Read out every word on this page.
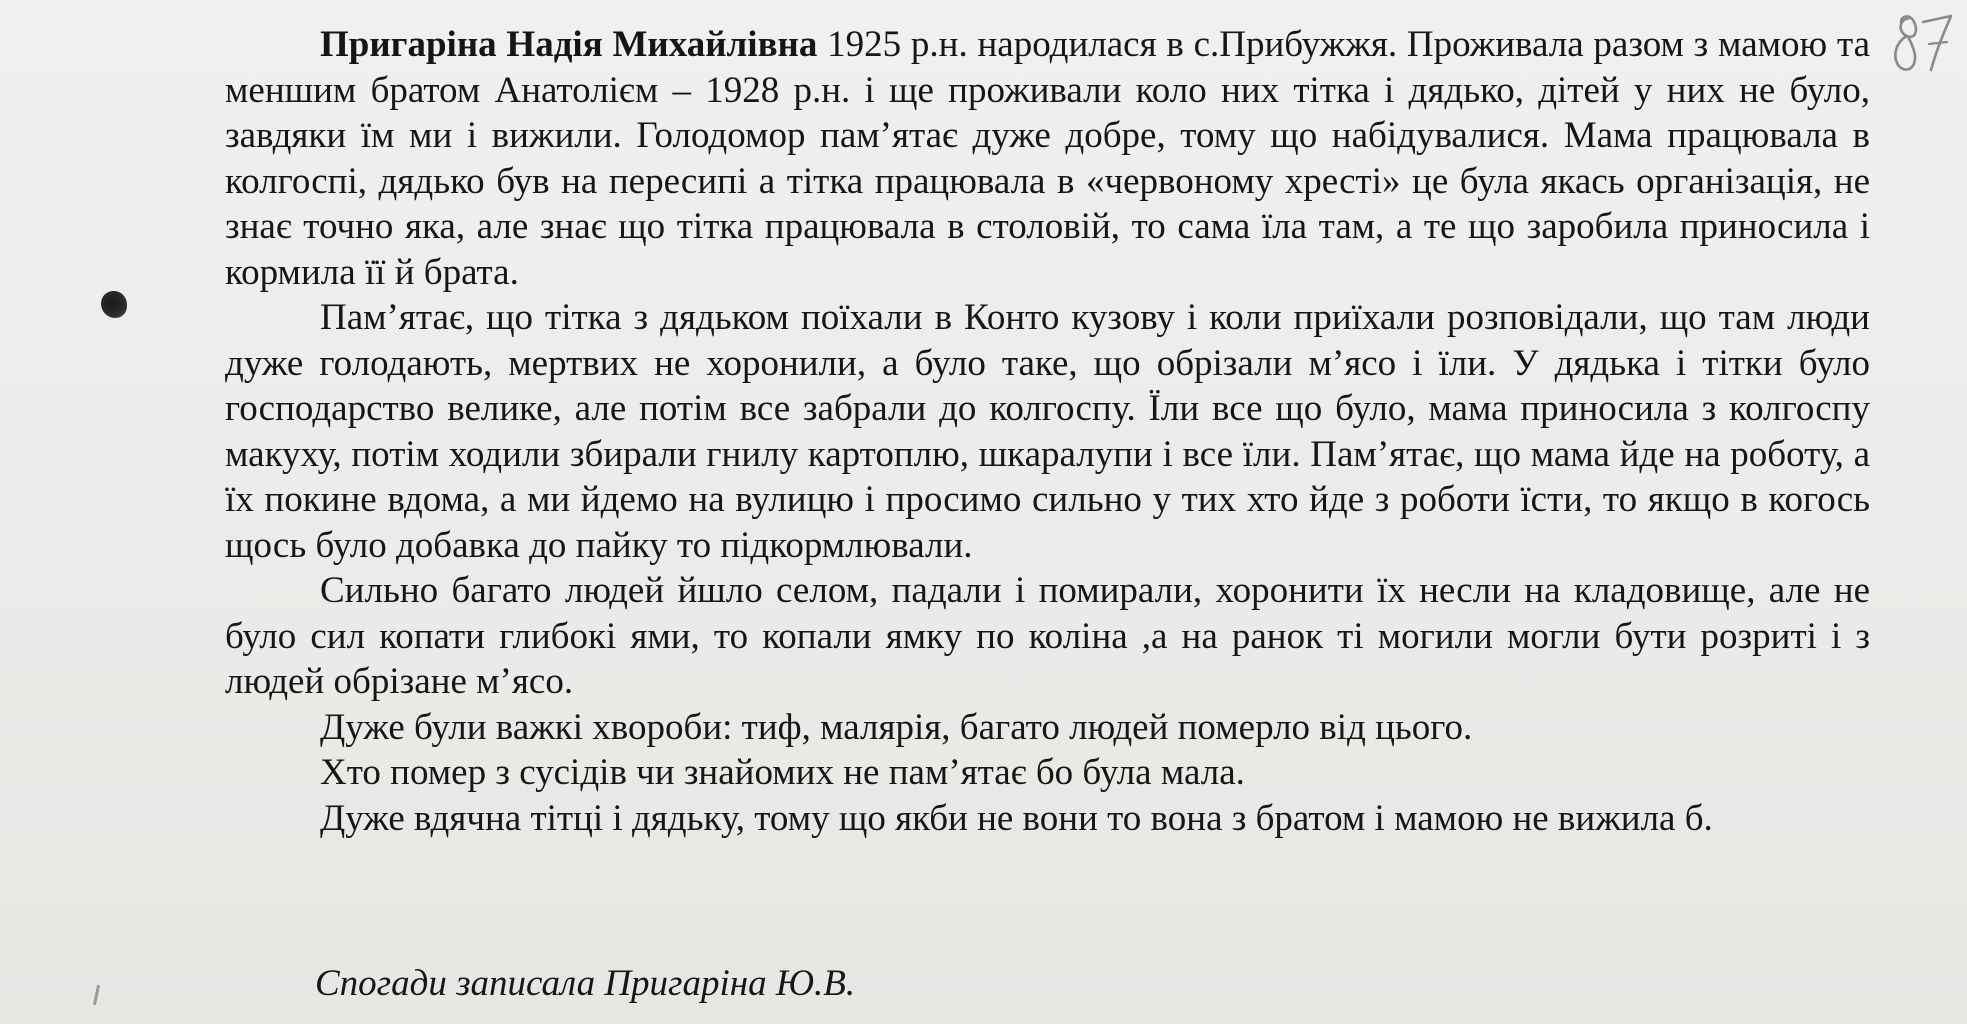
Пригаріна Надія Михайлівна 1925 р.н. народилася в с.Прибужжя. Проживала разом з мамою та меншим братом Анатолієм – 1928 р.н. і ще проживали коло них тітка і дядько, дітей у них не було, завдяки їм ми і вижили. Голодомор пам’ятає дуже добре, тому що набідувалися. Мама працювала в колгоспі, дядько був на пересипі а тітка працювала в «червоному хресті» це була якась організація, не знає точно яка, але знає що тітка працювала в столовій, то сама їла там, а те що заробила приносила і кормила її й брата.

Пам’ятає, що тітка з дядьком поїхали в Конто кузову і коли приїхали розповідали, що там люди дуже голодають, мертвих не хоронили, а було таке, що обрізали м’ясо і їли. У дядька і тітки було господарство велике, але потім все забрали до колгоспу. Їли все що було, мама приносила з колгоспу макуху, потім ходили збирали гнилу картоплю, шкаралупи і все їли. Пам’ятає, що мама йде на роботу, а їх покине вдома, а ми йдемо на вулицю і просимо сильно у тих хто йде з роботи їсти, то якщо в когось щось було добавка до пайку то підкормлювали.

Сильно багато людей йшло селом, падали і помирали, хоронити їх несли на кладовище, але не було сил копати глибокі ями, то копали ямку по коліна ,а на ранок ті могили могли бути розриті і з людей обрізане м’ясо.

Дуже були важкі хвороби: тиф, малярія, багато людей померло від цього.

Хто помер з сусідів чи знайомих не пам’ятає бо була мала.

Дуже вдячна тітці і дядьку, тому що якби не вони то вона з братом і мамою не вижила б.

Спогади записала Пригаріна Ю.В.
